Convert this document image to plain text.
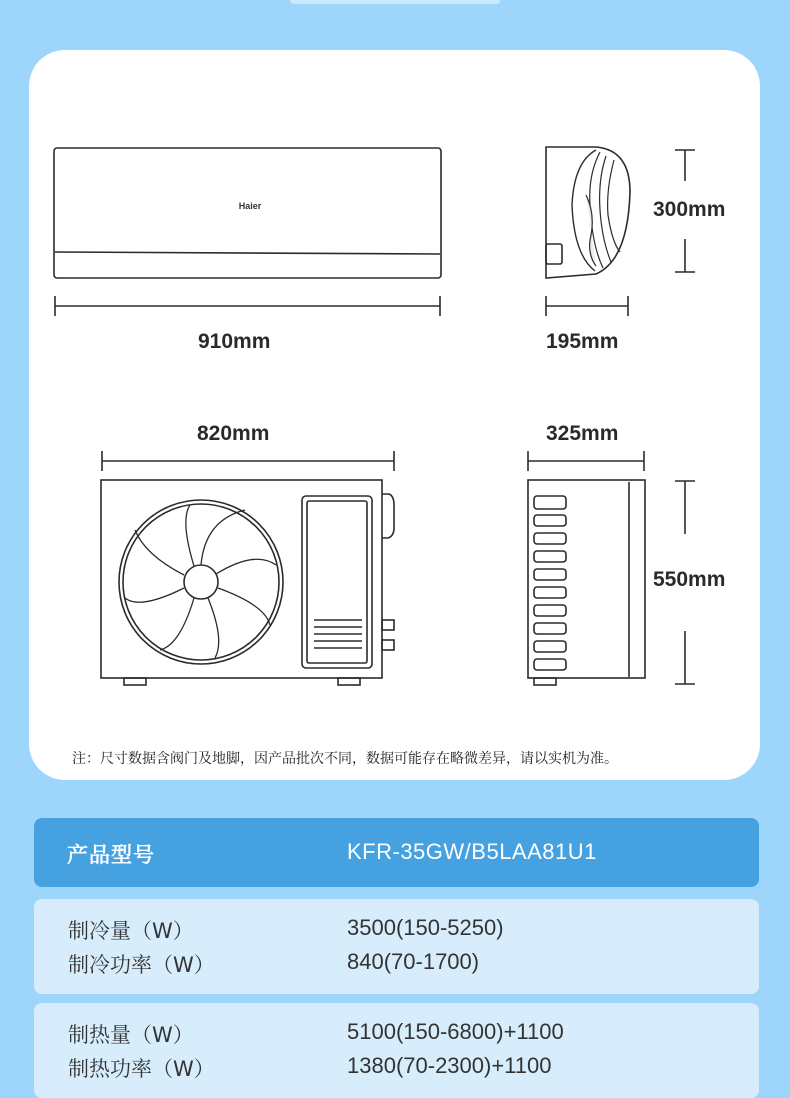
Haier
910mm	195mm
300mm
820mm	325mm
550mm
注：尺寸数据含阀门及地脚，因产品批次不同，数据可能存在略微差异，请以实机为准。
产品型号	KFR-35GW/B5LAA81U1
制冷量（W）	3500(150-5250)
制冷功率（W）	840(70-1700)
制热量（W）	5100(150-6800)+1100
制热功率（W）	1380(70-2300)+1100
